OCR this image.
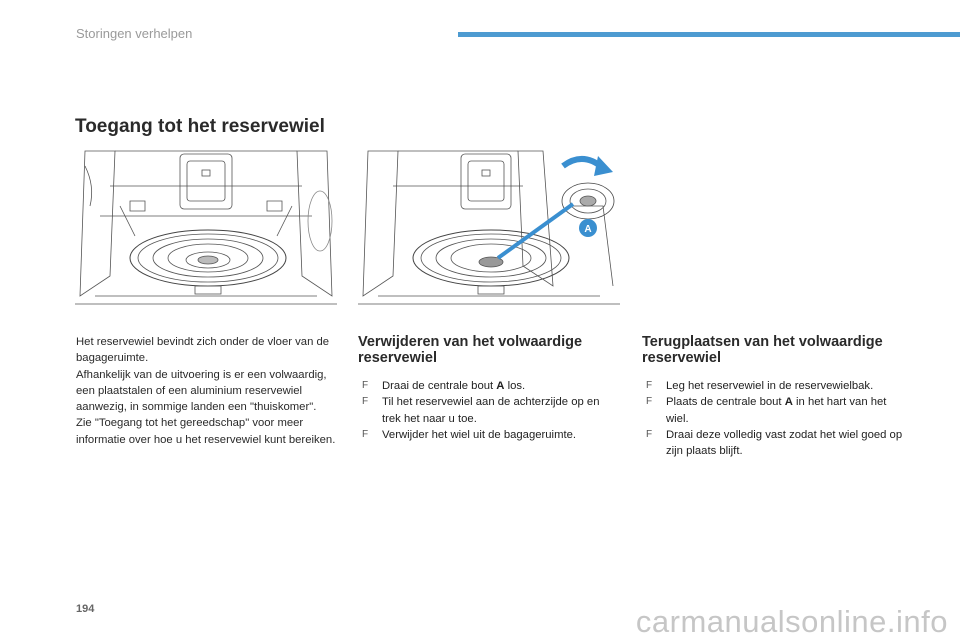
Storingen verhelpen
Toegang tot het reservewiel
A

Het reservewiel bevindt zich onder de vloer van de bagageruimte.

Afhankelijk van de uitvoering is er een volwaardig, een plaatstalen of een aluminium reservewiel aanwezig, in sommige landen een "thuiskomer".

Zie "Toegang tot het gereedschap" voor meer informatie over hoe u het reservewiel kunt bereiken.

Verwijderen van het volwaardige reservewiel
F Draai de centrale bout A los.
F Til het reservewiel aan de achterzijde op en trek het naar u toe.
F Verwijder het wiel uit de bagageruimte.
Terugplaatsen van het volwaardige reservewiel
F Leg het reservewiel in de reservewielbak.
F Plaats de centrale bout A in het hart van het wiel.
F Draai deze volledig vast zodat het wiel goed op zijn plaats blijft.
194	carmanualsonline.info
